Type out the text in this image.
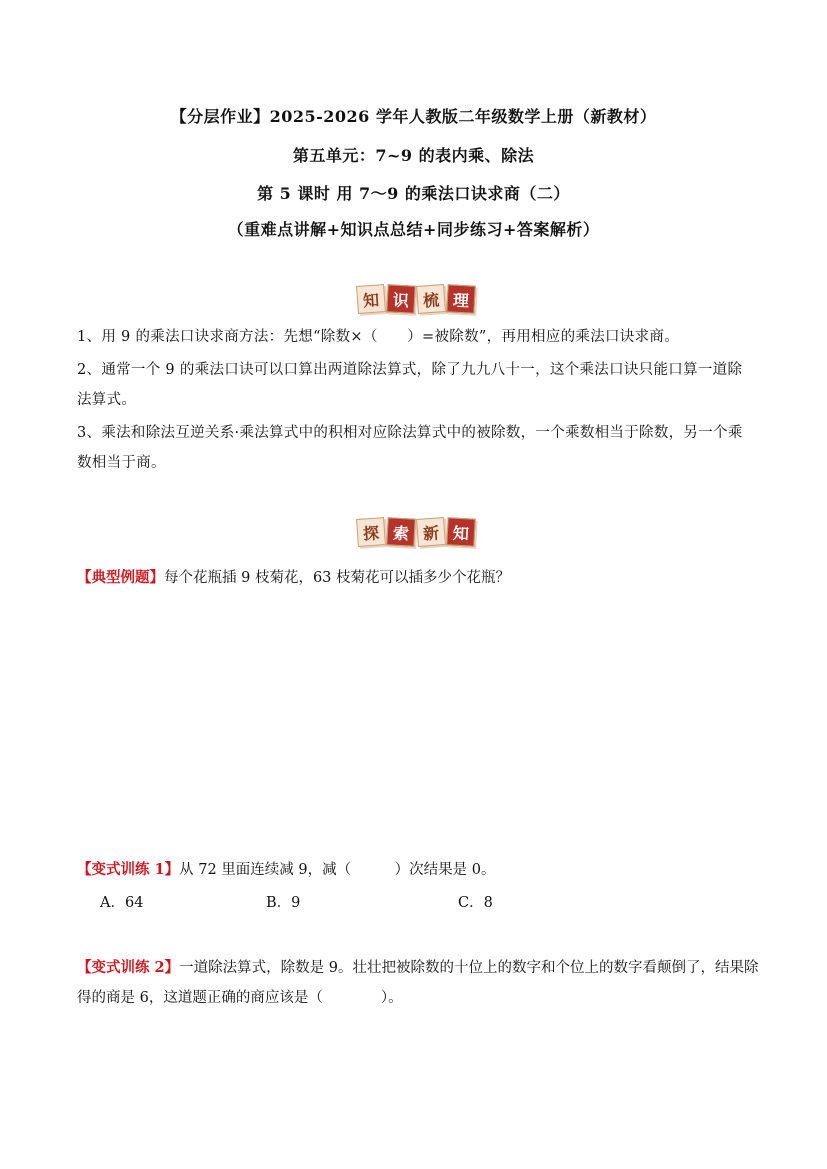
【分层作业】2025-2026 学年人教版二年级数学上册（新教材）
第五单元：7~9 的表内乘、除法
第 5 课时 用 7～9 的乘法口诀求商（二）
（重难点讲解+知识点总结+同步练习+答案解析）
知 识 梳 理
1、用 9 的乘法口诀求商方法：先想“除数×（　　）=被除数”，再用相应的乘法口诀求商。
2、通常一个 9 的乘法口诀可以口算出两道除法算式，除了九九八十一，这个乘法口诀只能口算一道除法算式。
3、乘法和除法互逆关系·乘法算式中的积相对应除法算式中的被除数，一个乘数相当于除数，另一个乘数相当于商。
探 索 新 知
【典型例题】每个花瓶插 9 枝菊花，63 枝菊花可以插多少个花瓶？
【变式训练 1】从 72 里面连续减 9，减（　　　）次结果是 0。
A．64	B．9	C．8
【变式训练 2】一道除法算式，除数是 9。壮壮把被除数的十位上的数字和个位上的数字看颠倒了，结果除得的商是 6，这道题正确的商应该是（　　　　）。
